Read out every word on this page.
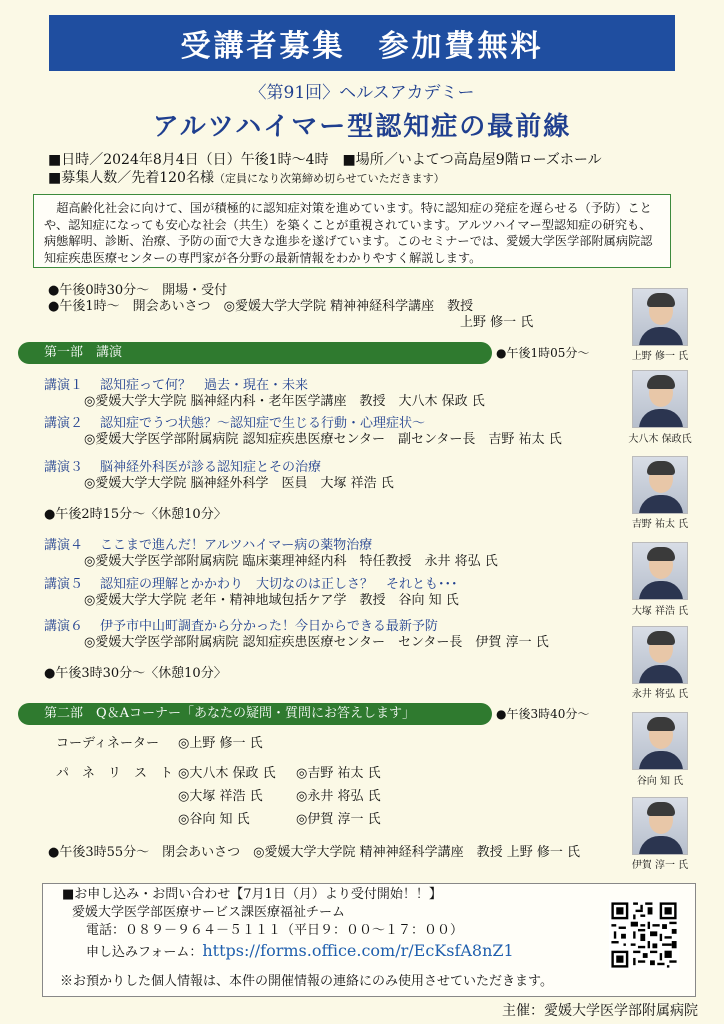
受講者募集　参加費無料
〈第91回〉ヘルスアカデミー
アルツハイマー型認知症の最前線
■日時／2024年8月4日（日）午後1時～4時　■場所／いよてつ高島屋9階ローズホール
■募集人数／先着120名様（定員になり次第締め切らせていただきます）
超高齢化社会に向けて、国が積極的に認知症対策を進めています。特に認知症の発症を遅らせる（予防）ことや、認知症になっても安心な社会（共生）を築くことが重視されています。アルツハイマー型認知症の研究も、病態解明、診断、治療、予防の面で大きな進歩を遂げています。このセミナーでは、愛媛大学医学部附属病院認知症疾患医療センターの専門家が各分野の最新情報をわかりやすく解説します。
●午後0時30分～　開場・受付
●午後1時～　開会あいさつ　◎愛媛大学大学院 精神神経科学講座　教授
上野 修一 氏
第一部　講演	●午後1時05分～
講演１ 認知症って何？　過去・現在・未来
◎愛媛大学大学院 脳神経内科・老年医学講座　教授　大八木 保政 氏
講演２ 認知症でうつ状態？～認知症で生じる行動・心理症状～
◎愛媛大学医学部附属病院 認知症疾患医療センター　副センター長　吉野 祐太 氏
講演３ 脳神経外科医が診る認知症とその治療
◎愛媛大学大学院 脳神経外科学　医員　大塚 祥浩 氏
●午後2時15分～〈休憩10分〉
講演４ ここまで進んだ！アルツハイマー病の薬物治療
◎愛媛大学医学部附属病院 臨床薬理神経内科　特任教授　永井 将弘 氏
講演５ 認知症の理解とかかわり　大切なのは正しさ？　それとも･･･
◎愛媛大学大学院 老年・精神地域包括ケア学　教授　谷向 知 氏
講演６ 伊予市中山町調査から分かった！今日からできる最新予防
◎愛媛大学医学部附属病院 認知症疾患医療センター　センター長　伊賀 淳一 氏
●午後3時30分～〈休憩10分〉
第二部　Q＆Aコーナー「あなたの疑問・質問にお答えします」	●午後3時40分～
コーディネーター ◎上野 修一 氏
パ　ネ　リ　ス　ト ◎大八木 保政 氏 ◎吉野 祐太 氏
◎大塚 祥浩 氏	◎永井 将弘 氏
◎谷向 知 氏	◎伊賀 淳一 氏
●午後3時55分～　閉会あいさつ　◎愛媛大学大学院 精神神経科学講座　教授 上野 修一 氏
上野 修一 氏
大八木 保政氏
吉野 祐太 氏
大塚 祥浩 氏
永井 将弘 氏
谷向 知 氏
伊賀 淳一 氏
■お申し込み・お問い合わせ【7月1日（月）より受付開始！！】
愛媛大学医学部医療サービス課医療福祉チーム
電話：０８９－９６４－５１１１（平日９：００～１７：００）
申し込みフォーム：https://forms.office.com/r/EcKsfA8nZ1
※お預かりした個人情報は、本件の開催情報の連絡にのみ使用させていただきます。
主催：愛媛大学医学部附属病院
